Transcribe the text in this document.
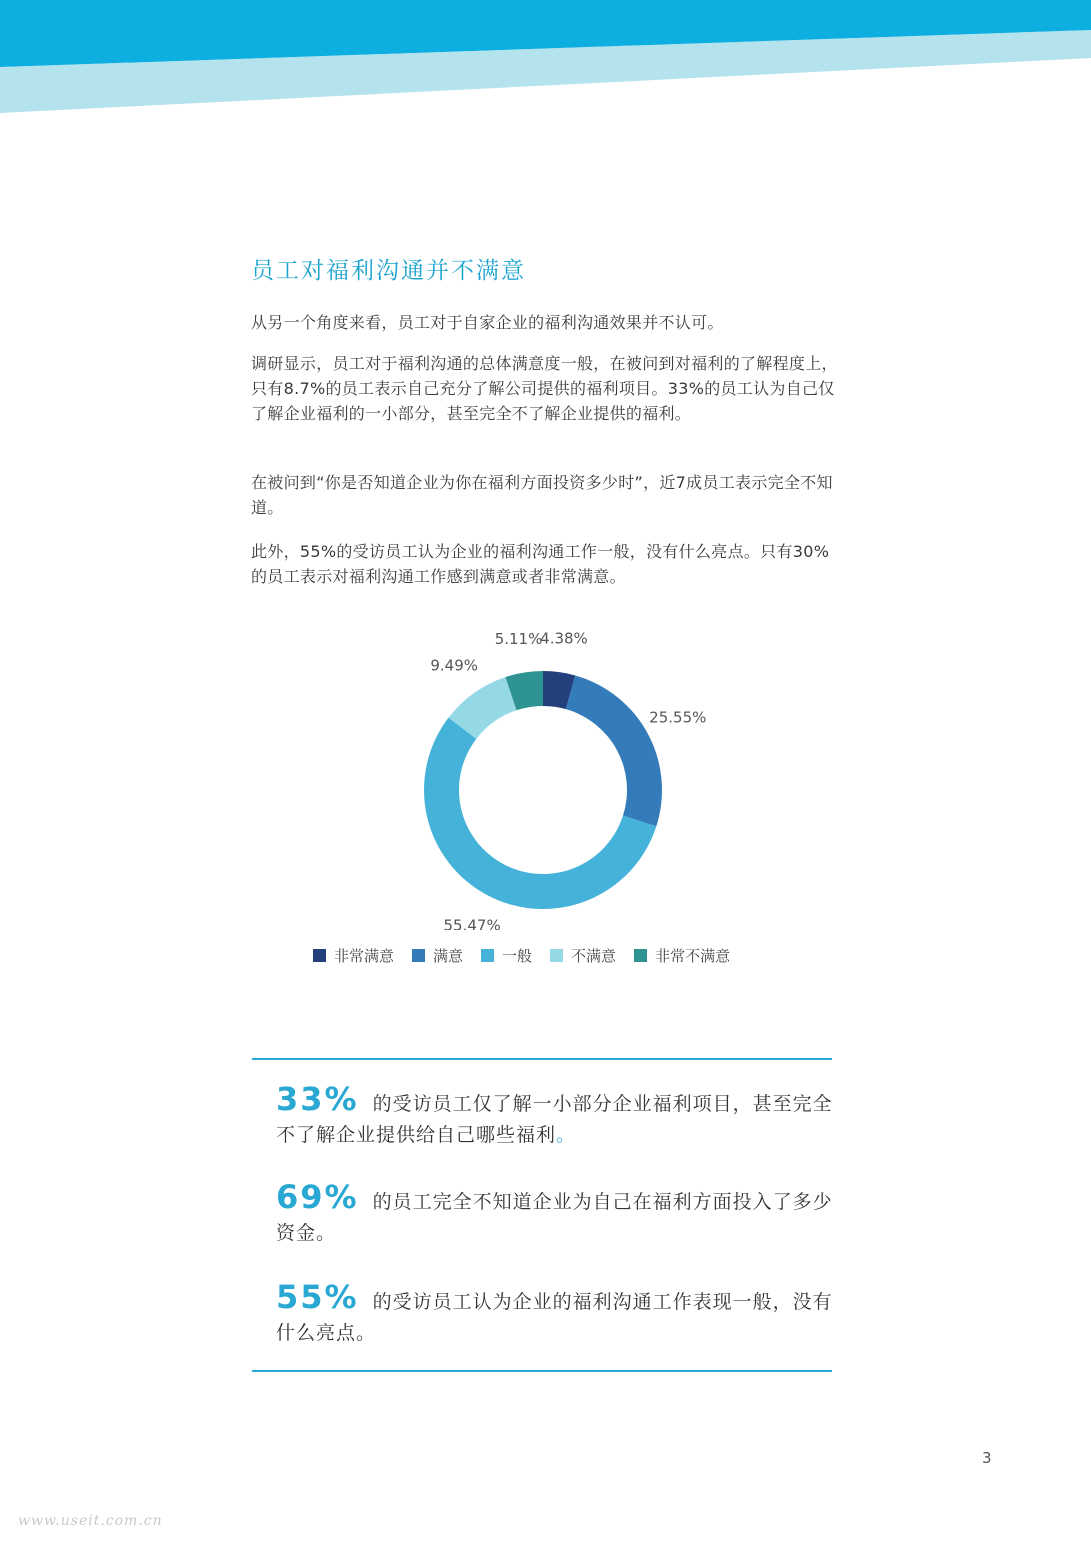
员工对福利沟通并不满意

从另一个角度来看，员工对于自家企业的福利沟通效果并不认可。

调研显示，员工对于福利沟通的总体满意度一般，在被问到对福利的了解程度上，只有8.7%的员工表示自己充分了解公司提供的福利项目。33%的员工认为自己仅了解企业福利的一小部分，甚至完全不了解企业提供的福利。

在被问到“你是否知道企业为你在福利方面投资多少时”，近7成员工表示完全不知道。

此外，55%的受访员工认为企业的福利沟通工作一般，没有什么亮点。只有30%的员工表示对福利沟通工作感到满意或者非常满意。

4.38%
25.55%
55.47%
9.49%
5.11%
非常满意	满意	一般	不满意	非常不满意

33% 的受访员工仅了解一小部分企业福利项目，甚至完全不了解企业提供给自己哪些福利。

69% 的员工完全不知道企业为自己在福利方面投入了多少资金。

55% 的受访员工认为企业的福利沟通工作表现一般，没有什么亮点。

3
www.useit.com.cn
